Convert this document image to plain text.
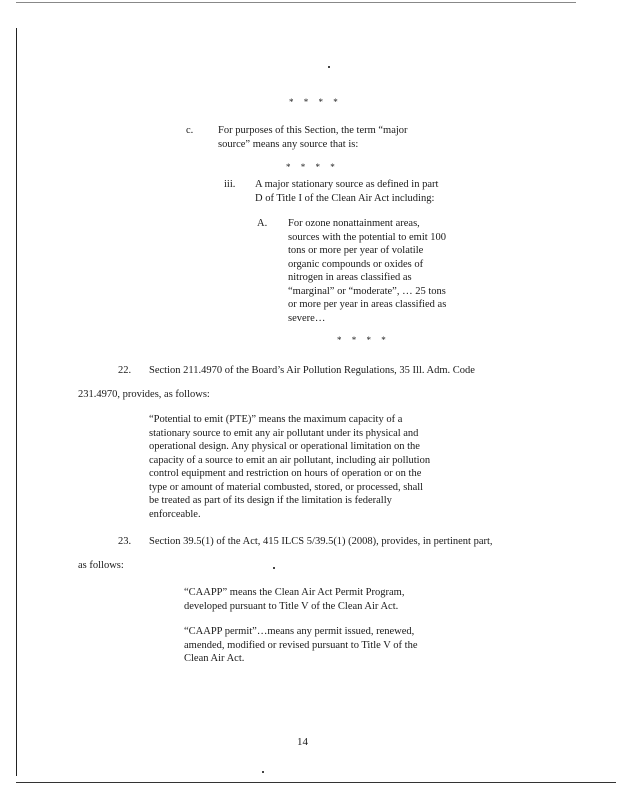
* * * *
c. For purposes of this Section, the term “major
source” means any source that is:
* * * *
iii. A major stationary source as defined in part
D of Title I of the Clean Air Act including:
A. For ozone nonattainment areas,
sources with the potential to emit 100
tons or more per year of volatile
organic compounds or oxides of
nitrogen in areas classified as
“marginal” or “moderate”, … 25 tons
or more per year in areas classified as
severe…
* * * *
22. Section 211.4970 of the Board’s Air Pollution Regulations, 35 Ill. Adm. Code
231.4970, provides, as follows:
“Potential to emit (PTE)” means the maximum capacity of a
stationary source to emit any air pollutant under its physical and
operational design. Any physical or operational limitation on the
capacity of a source to emit an air pollutant, including air pollution
control equipment and restriction on hours of operation or on the
type or amount of material combusted, stored, or processed, shall
be treated as part of its design if the limitation is federally
enforceable.
23. Section 39.5(1) of the Act, 415 ILCS 5/39.5(1) (2008), provides, in pertinent part,
as follows:
“CAAPP” means the Clean Air Act Permit Program,
developed pursuant to Title V of the Clean Air Act.
“CAAPP permit”…means any permit issued, renewed,
amended, modified or revised pursuant to Title V of the
Clean Air Act.
14
